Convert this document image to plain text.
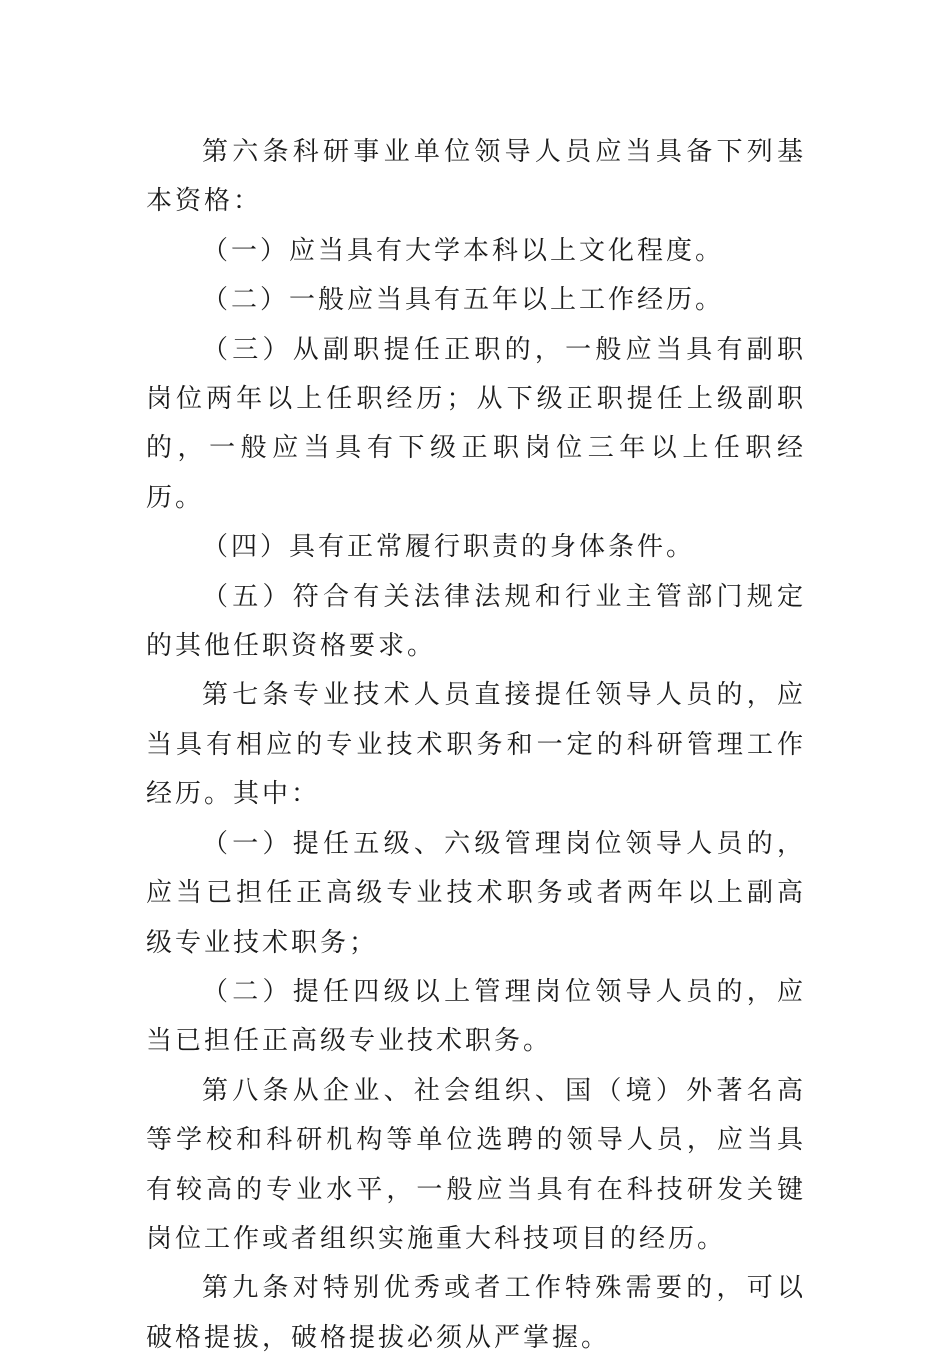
第六条科研事业单位领导人员应当具备下列基本资格：

（一）应当具有大学本科以上文化程度。

（二）一般应当具有五年以上工作经历。

（三）从副职提任正职的，一般应当具有副职岗位两年以上任职经历；从下级正职提任上级副职的，一般应当具有下级正职岗位三年以上任职经历。

（四）具有正常履行职责的身体条件。

（五）符合有关法律法规和行业主管部门规定的其他任职资格要求。

第七条专业技术人员直接提任领导人员的，应当具有相应的专业技术职务和一定的科研管理工作经历。其中：

（一）提任五级、六级管理岗位领导人员的，应当已担任正高级专业技术职务或者两年以上副高级专业技术职务；

（二）提任四级以上管理岗位领导人员的，应当已担任正高级专业技术职务。

第八条从企业、社会组织、国（境）外著名高等学校和科研机构等单位选聘的领导人员，应当具有较高的专业水平，一般应当具有在科技研发关键岗位工作或者组织实施重大科技项目的经历。

第九条对特别优秀或者工作特殊需要的，可以破格提拔，破格提拔必须从严掌握。
